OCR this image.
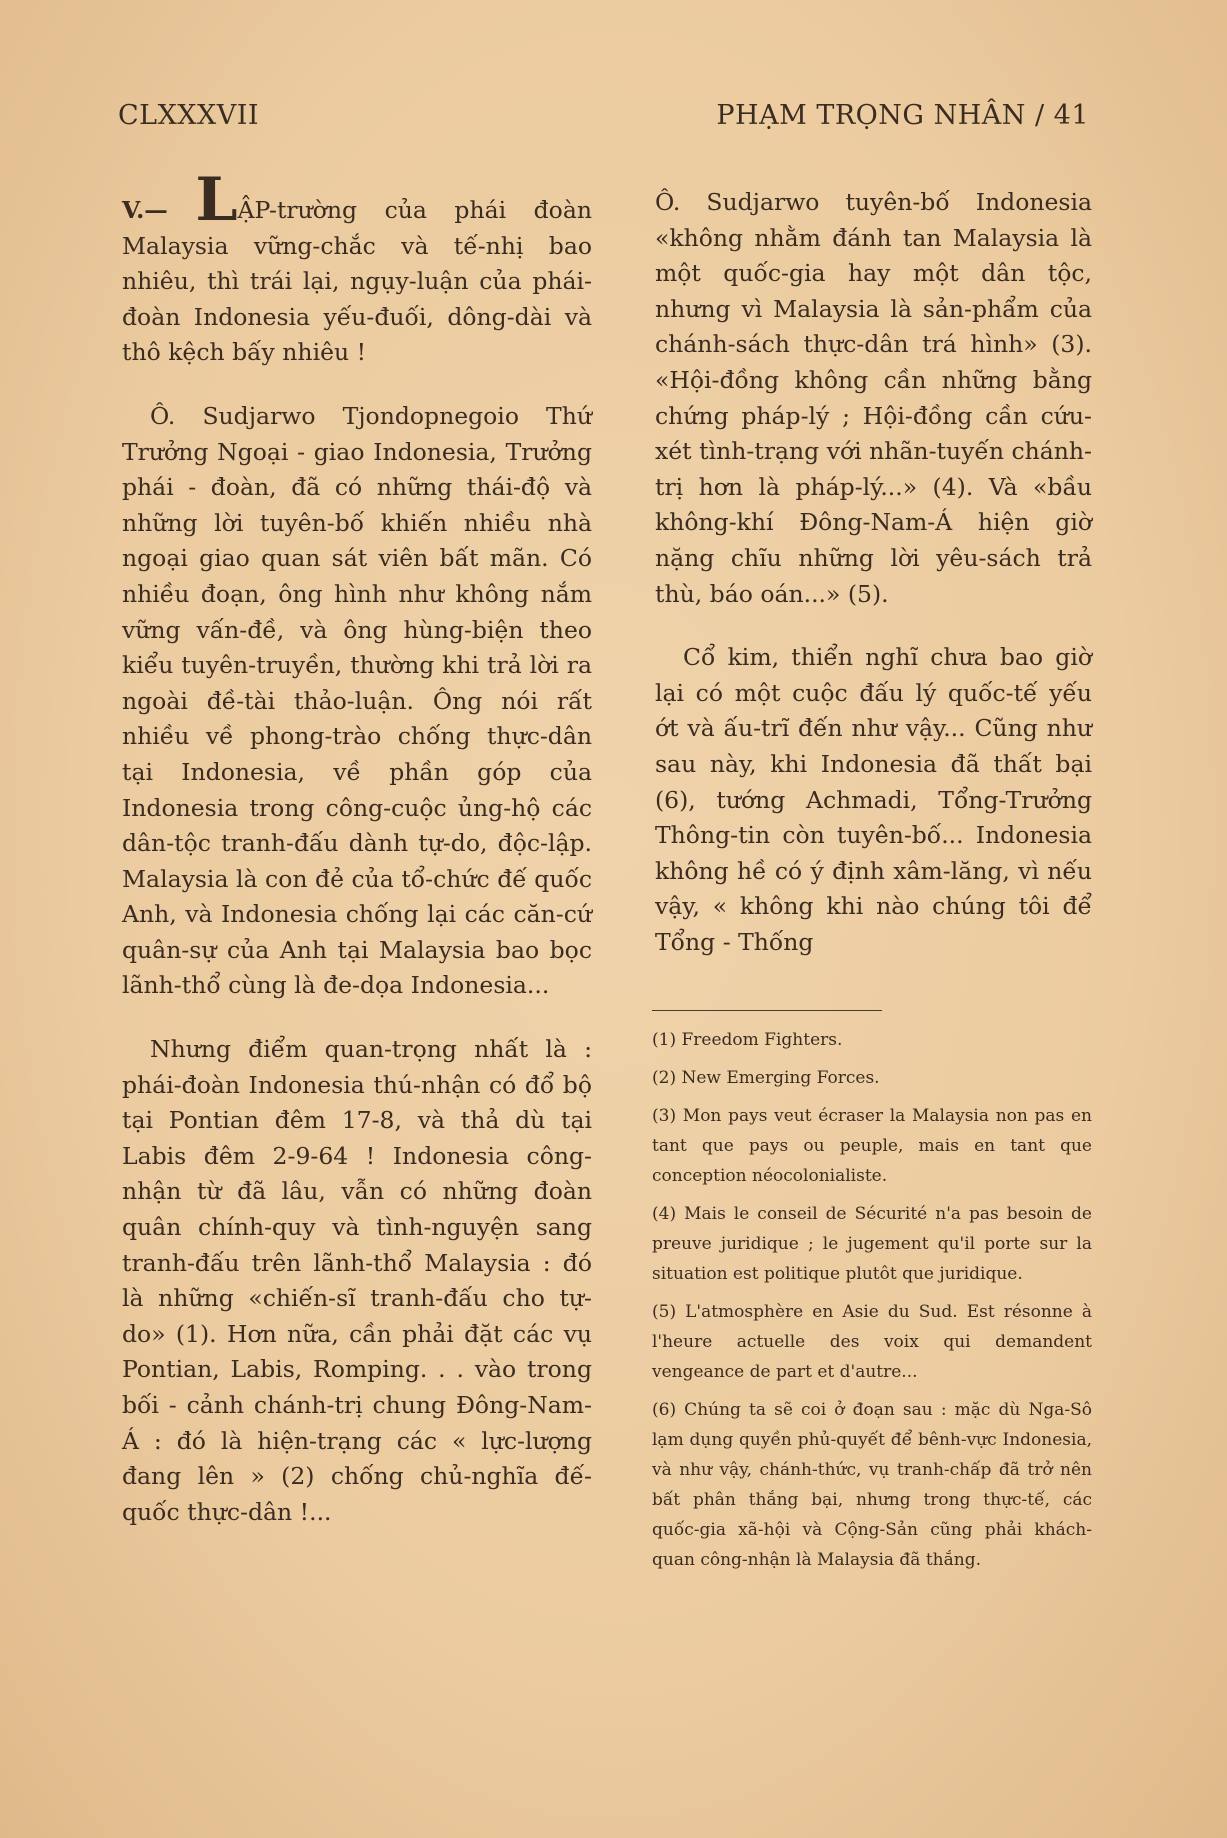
CLXXXVII	PHẠM TRỌNG NHÂN / 41

V.— LẬP-trường của phái đoàn Malaysia vững-chắc và tế-nhị bao nhiêu, thì trái lại, ngụy-luận của phái-đoàn Indonesia yếu-đuối, dông-dài và thô kệch bấy nhiêu !

Ô. Sudjarwo Tjondopnegoio Thứ Trưởng Ngoại - giao Indonesia, Trưởng phái - đoàn, đã có những thái-độ và những lời tuyên-bố khiến nhiều nhà ngoại giao quan sát viên bất mãn. Có nhiều đoạn, ông hình như không nắm vững vấn-đề, và ông hùng-biện theo kiểu tuyên-truyền, thường khi trả lời ra ngoài đề-tài thảo-luận. Ông nói rất nhiều về phong-trào chống thực-dân tại Indonesia, về phần góp của Indonesia trong công-cuộc ủng-hộ các dân-tộc tranh-đấu dành tự-do, độc-lập. Malaysia là con đẻ của tổ-chức đế quốc Anh, và Indonesia chống lại các căn-cứ quân-sự của Anh tại Malaysia bao bọc lãnh-thổ cùng là đe-dọa Indonesia...

Nhưng điểm quan-trọng nhất là : phái-đoàn Indonesia thú-nhận có đổ bộ tại Pontian đêm 17-8, và thả dù tại Labis đêm 2-9-64 ! Indonesia công-nhận từ đã lâu, vẫn có những đoàn quân chính-quy và tình-nguyện sang tranh-đấu trên lãnh-thổ Malaysia : đó là những «chiến-sĩ tranh-đấu cho tự-do» (1). Hơn nữa, cần phải đặt các vụ Pontian, Labis, Romping. . . vào trong bối - cảnh chánh-trị chung Đông-Nam-Á : đó là hiện-trạng các « lực-lượng đang lên » (2) chống chủ-nghĩa đế-quốc thực-dân !...

Ô. Sudjarwo tuyên-bố Indonesia «không nhằm đánh tan Malaysia là một quốc-gia hay một dân tộc, nhưng vì Malaysia là sản-phẩm của chánh-sách thực-dân trá hình» (3). «Hội-đồng không cần những bằng chứng pháp-lý ; Hội-đồng cần cứu-xét tình-trạng với nhãn-tuyến chánh-trị hơn là pháp-lý...» (4). Và «bầu không-khí Đông-Nam-Á hiện giờ nặng chĩu những lời yêu-sách trả thù, báo oán...» (5).

Cổ kim, thiển nghĩ chưa bao giờ lại có một cuộc đấu lý quốc-tế yếu ớt và ấu-trĩ đến như vậy... Cũng như sau này, khi Indonesia đã thất bại (6), tướng Achmadi, Tổng-Trưởng Thông-tin còn tuyên-bố... Indonesia không hề có ý định xâm-lăng, vì nếu vậy, « không khi nào chúng tôi để Tổng - Thống

(1) Freedom Fighters.

(2) New Emerging Forces.

(3) Mon pays veut écraser la Malaysia non pas en tant que pays ou peuple, mais en tant que conception néocolonialiste.

(4) Mais le conseil de Sécurité n'a pas besoin de preuve juridique ; le jugement qu'il porte sur la situation est politique plutôt que juridique.

(5) L'atmosphère en Asie du Sud. Est résonne à l'heure actuelle des voix qui demandent vengeance de part et d'autre...

(6) Chúng ta sẽ coi ở đoạn sau : mặc dù Nga-Sô lạm dụng quyền phủ-quyết để bênh-vực Indonesia, và như vậy, chánh-thức, vụ tranh-chấp đã trở nên bất phân thắng bại, nhưng trong thực-tế, các quốc-gia xã-hội và Cộng-Sản cũng phải khách-quan công-nhận là Malaysia đã thắng.
